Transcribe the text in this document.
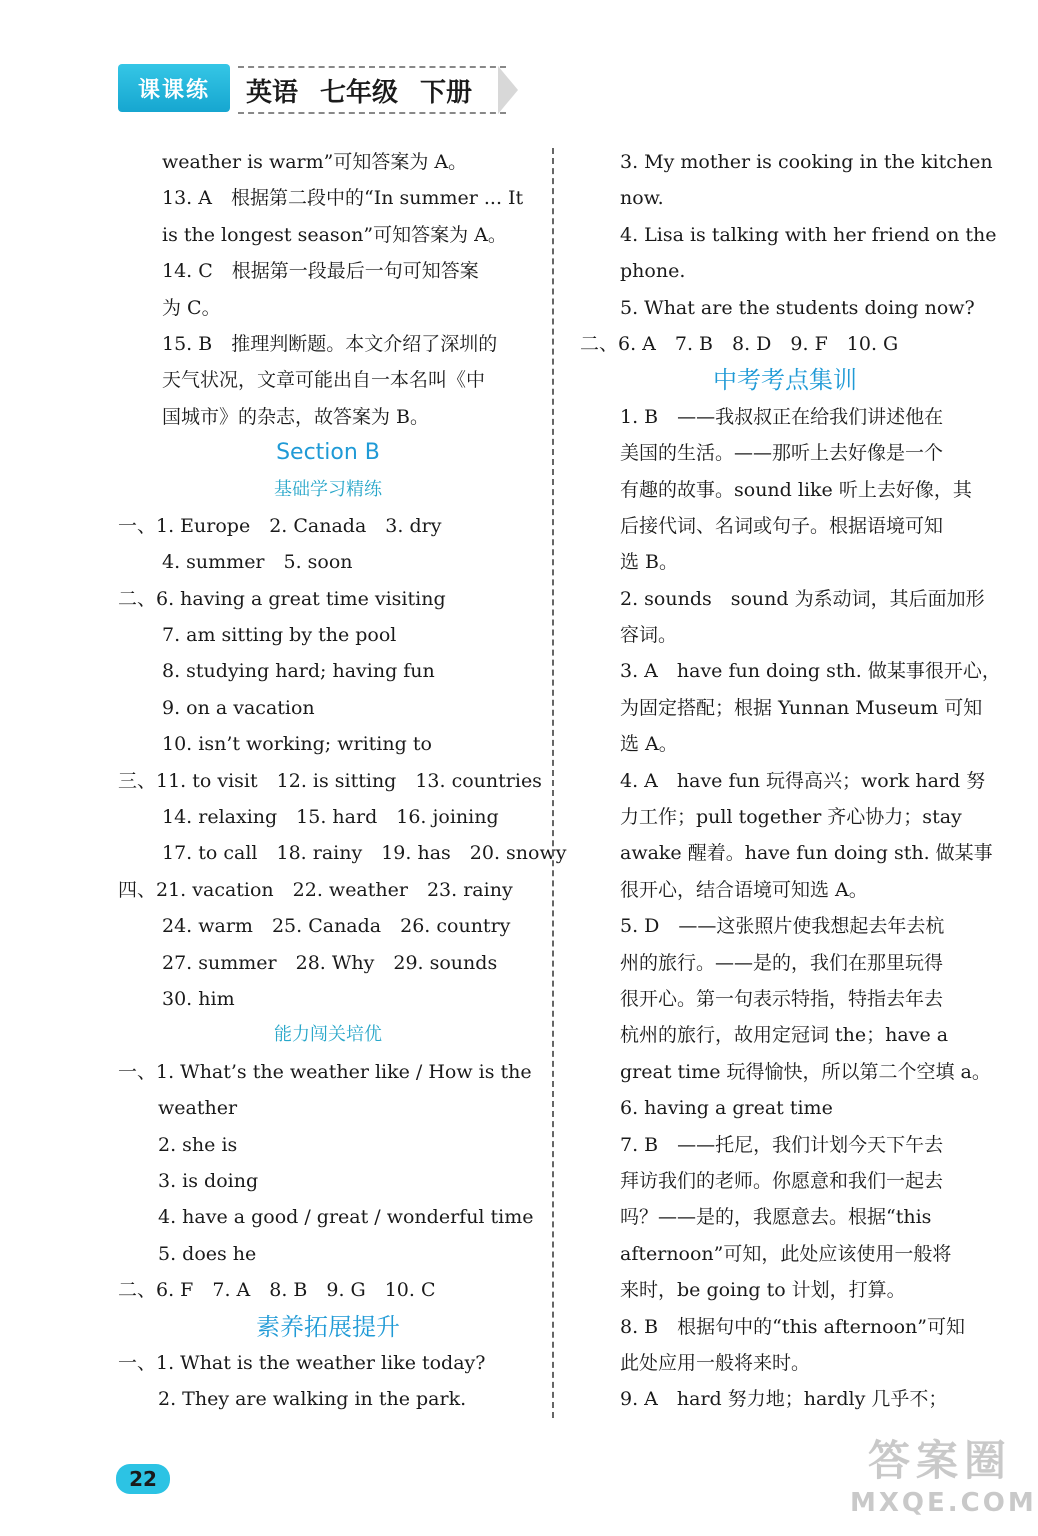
课课练	英语 七年级 下册
weather is warm”可知答案为 A。
13. A　根据第二段中的“In summer ... It
is the longest season”可知答案为 A。
14. C　根据第一段最后一句可知答案
为 C。
15. B　推理判断题。本文介绍了深圳的
天气状况，文章可能出自一本名叫《中
国城市》的杂志，故答案为 B。
Section B
基础学习精练
一、1. Europe　2. Canada　3. dry
4. summer　5. soon
二、6. having a great time visiting
7. am sitting by the pool
8. studying hard; having fun
9. on a vacation
10. isn’t working; writing to
三、11. to visit　12. is sitting　13. countries
14. relaxing　15. hard　16. joining
17. to call　18. rainy　19. has　20. snowy
四、21. vacation　22. weather　23. rainy
24. warm　25. Canada　26. country
27. summer　28. Why　29. sounds
30. him
能力闯关培优
一、1. What’s the weather like / How is the
weather
2. she is
3. is doing
4. have a good / great / wonderful time
5. does he
二、6. F　7. A　8. B　9. G　10. C
素养拓展提升
一、1. What is the weather like today?
2. They are walking in the park.
3. My mother is cooking in the kitchen
now.
4. Lisa is talking with her friend on the
phone.
5. What are the students doing now?
二、6. A　7. B　8. D　9. F　10. G
中考考点集训
1. B　——我叔叔正在给我们讲述他在
美国的生活。——那听上去好像是一个
有趣的故事。sound like 听上去好像，其
后接代词、名词或句子。根据语境可知
选 B。
2. sounds　sound 为系动词，其后面加形
容词。
3. A　have fun doing sth. 做某事很开心，
为固定搭配；根据 Yunnan Museum 可知
选 A。
4. A　have fun 玩得高兴；work hard 努
力工作；pull together 齐心协力；stay
awake 醒着。have fun doing sth. 做某事
很开心，结合语境可知选 A。
5. D　——这张照片使我想起去年去杭
州的旅行。——是的，我们在那里玩得
很开心。第一句表示特指，特指去年去
杭州的旅行，故用定冠词 the；have a
great time 玩得愉快，所以第二个空填 a。
6. having a great time
7. B　——托尼，我们计划今天下午去
拜访我们的老师。你愿意和我们一起去
吗？——是的，我愿意去。根据“this
afternoon”可知，此处应该使用一般将
来时，be going to 计划，打算。
8. B　根据句中的“this afternoon”可知
此处应用一般将来时。
9. A　hard 努力地；hardly 几乎不；
22	答案圈
MXQE.COM
